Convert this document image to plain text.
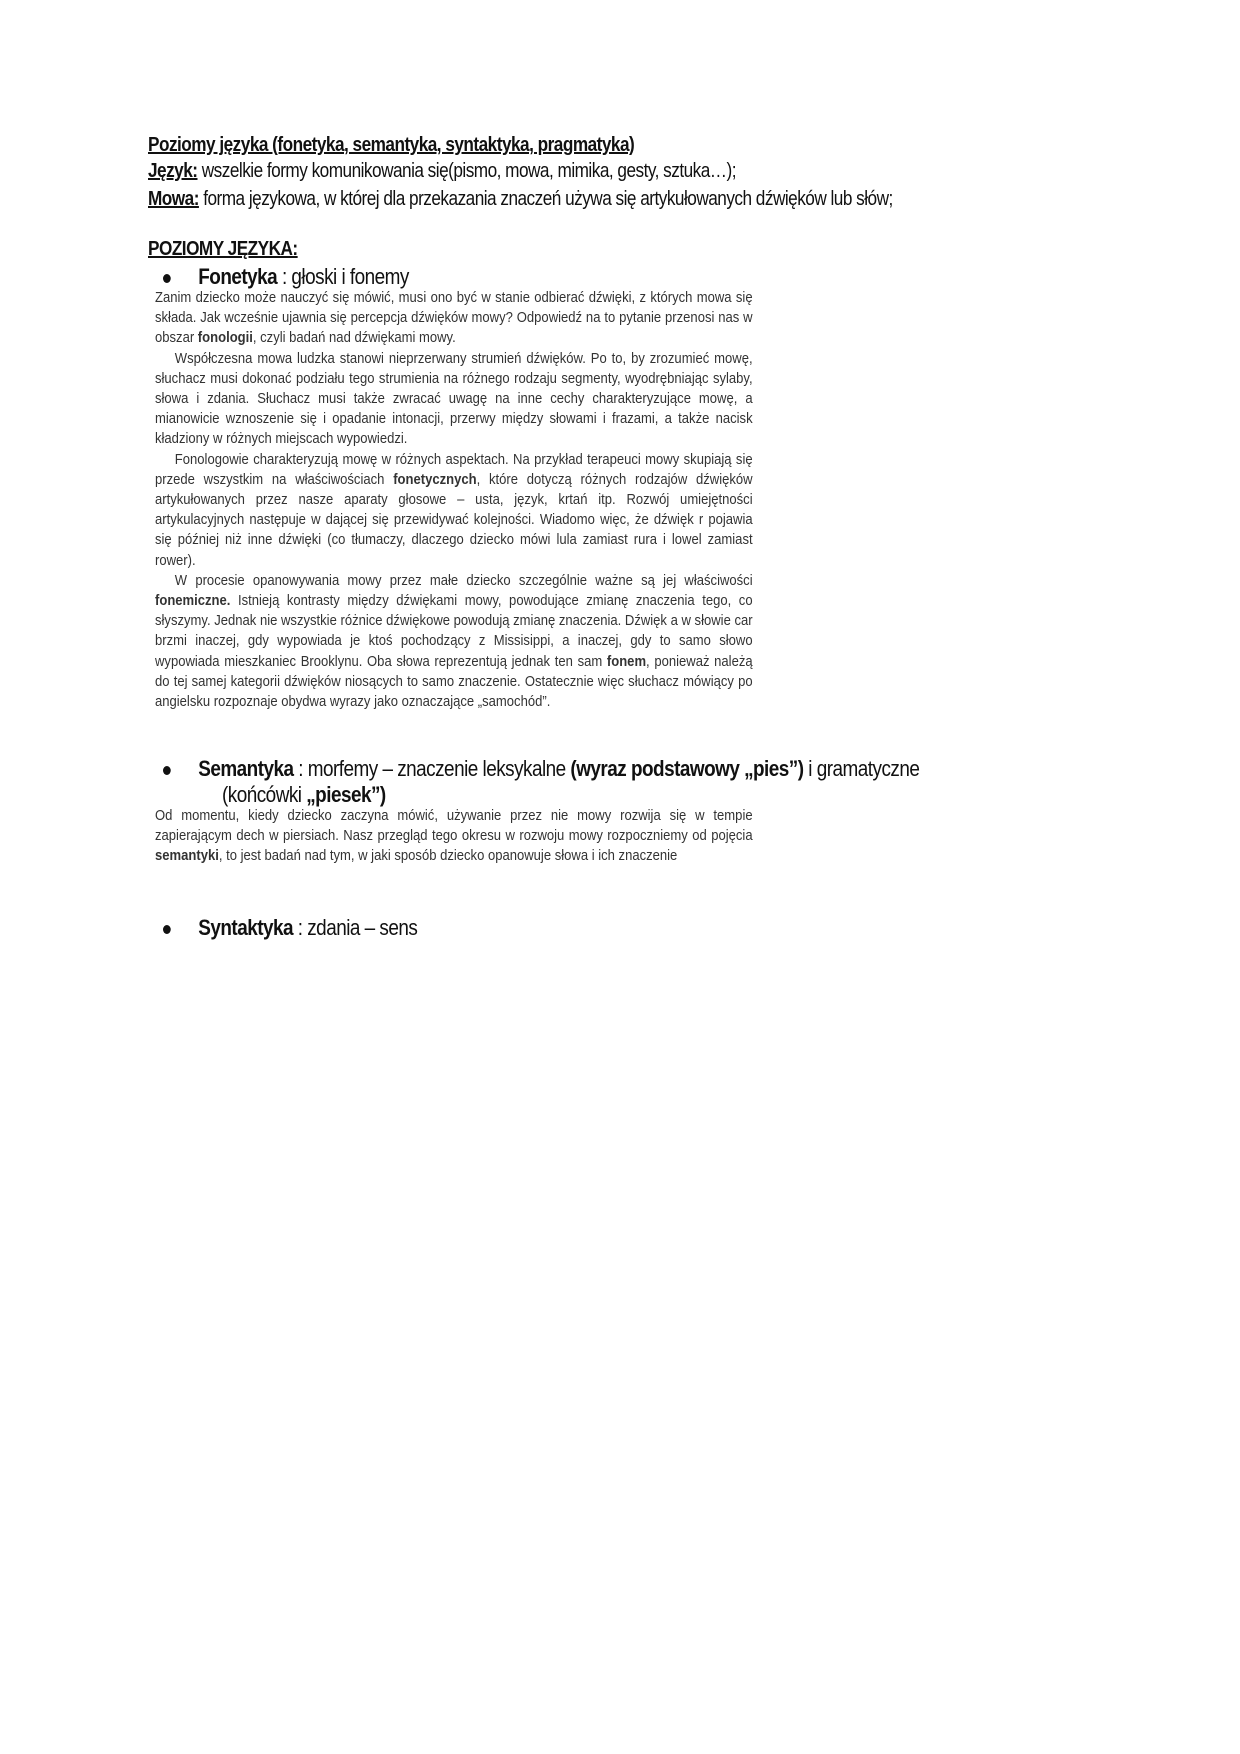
Poziomy języka (fonetyka, semantyka, syntaktyka, pragmatyka)
Język: wszelkie formy komunikowania się(pismo, mowa, mimika, gesty, sztuka…);
Mowa: forma językowa, w której dla przekazania znaczeń używa się artykułowanych dźwięków lub słów;
POZIOMY JĘZYKA:
Fonetyka : głoski i fonemy

Zanim dziecko może nauczyć się mówić, musi ono być w stanie odbierać dźwięki, z których mowa się składa. Jak wcześnie ujawnia się percepcja dźwięków mowy? Odpowiedź na to pytanie przenosi nas w obszar fonologii, czyli badań nad dźwiękami mowy.

Współczesna mowa ludzka stanowi nieprzerwany strumień dźwięków. Po to, by zrozumieć mowę, słuchacz musi dokonać podziału tego strumienia na różnego rodzaju segmenty, wyodrębniając sylaby, słowa i zdania. Słuchacz musi także zwracać uwagę na inne cechy charakteryzujące mowę, a mianowicie wznoszenie się i opadanie intonacji, przerwy między słowami i frazami, a także nacisk kładziony w różnych miejscach wypowiedzi.

Fonologowie charakteryzują mowę w różnych aspektach. Na przykład terapeuci mowy skupiają się przede wszystkim na właściwościach fonetycznych, które dotyczą różnych rodzajów dźwięków artykułowanych przez nasze aparaty głosowe – usta, język, krtań itp. Rozwój umiejętności artykulacyjnych następuje w dającej się przewidywać kolejności. Wiadomo więc, że dźwięk r pojawia się później niż inne dźwięki (co tłumaczy, dlaczego dziecko mówi lula zamiast rura i lowel zamiast rower).

W procesie opanowywania mowy przez małe dziecko szczególnie ważne są jej właściwości fonemiczne. Istnieją kontrasty między dźwiękami mowy, powodujące zmianę znaczenia tego, co słyszymy. Jednak nie wszystkie różnice dźwiękowe powodują zmianę znaczenia. Dźwięk a w słowie car brzmi inaczej, gdy wypowiada je ktoś pochodzący z Missisippi, a inaczej, gdy to samo słowo wypowiada mieszkaniec Brooklynu. Oba słowa reprezentują jednak ten sam fonem, ponieważ należą do tej samej kategorii dźwięków niosących to samo znaczenie. Ostatecznie więc słuchacz mówiący po angielsku rozpoznaje obydwa wyrazy jako oznaczające „samochód”.

Semantyka : morfemy – znaczenie leksykalne (wyraz podstawowy „pies”) i gramatyczne
(końcówki „piesek”)

Od momentu, kiedy dziecko zaczyna mówić, używanie przez nie mowy rozwija się w tempie zapierającym dech w piersiach. Nasz przegląd tego okresu w rozwoju mowy rozpoczniemy od pojęcia semantyki, to jest badań nad tym, w jaki sposób dziecko opanowuje słowa i ich znaczenie

Syntaktyka : zdania – sens
